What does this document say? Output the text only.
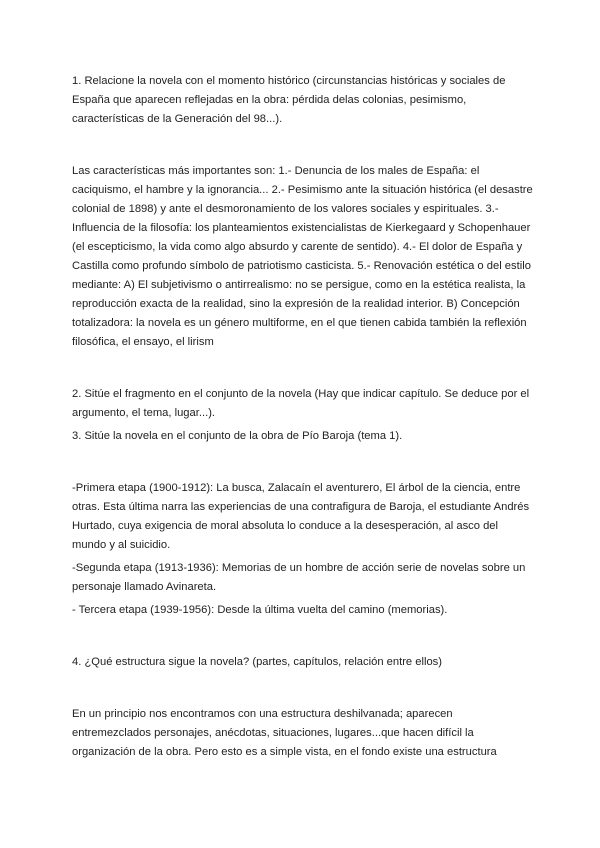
1. Relacione la novela con el momento histórico (circunstancias históricas y sociales de España que aparecen reflejadas en la obra: pérdida delas colonias, pesimismo, características de la Generación del 98...).

Las características más importantes son: 1.- Denuncia de los males de España: el caciquismo, el hambre y la ignorancia... 2.- Pesimismo ante la situación histórica (el desastre colonial de 1898) y ante el desmoronamiento de los valores sociales y espirituales. 3.- Influencia de la filosofía: los planteamientos existencialistas de Kierkegaard y Schopenhauer (el escepticismo, la vida como algo absurdo y carente de sentido). 4.- El dolor de España y Castilla como profundo símbolo de patriotismo casticista. 5.- Renovación estética o del estilo mediante: A) El subjetivismo o antirrealismo: no se persigue, como en la estética realista, la reproducción exacta de la realidad, sino la expresión de la realidad interior. B) Concepción totalizadora: la novela es un género multiforme, en el que tienen cabida también la reflexión filosófica, el ensayo, el lirism

2. Sitúe el fragmento en el conjunto de la novela (Hay que indicar capítulo. Se deduce por el argumento, el tema, lugar...).

3. Sitúe la novela en el conjunto de la obra de Pío Baroja (tema 1).

-Primera etapa (1900-1912): La busca, Zalacaín el aventurero, El árbol de la ciencia, entre otras. Esta última narra las experiencias de una contrafigura de Baroja, el estudiante Andrés Hurtado, cuya exigencia de moral absoluta lo conduce a la desesperación, al asco del mundo y al suicidio.

-Segunda etapa (1913-1936): Memorias de un hombre de acción serie de novelas sobre un personaje llamado Avinareta.

- Tercera etapa (1939-1956): Desde la última vuelta del camino (memorias).

4. ¿Qué estructura sigue la novela? (partes, capítulos, relación entre ellos)

En un principio nos encontramos con una estructura deshilvanada; aparecen entremezclados personajes, anécdotas, situaciones, lugares...que hacen difícil la organización de la obra. Pero esto es a simple vista, en el fondo existe una estructura
